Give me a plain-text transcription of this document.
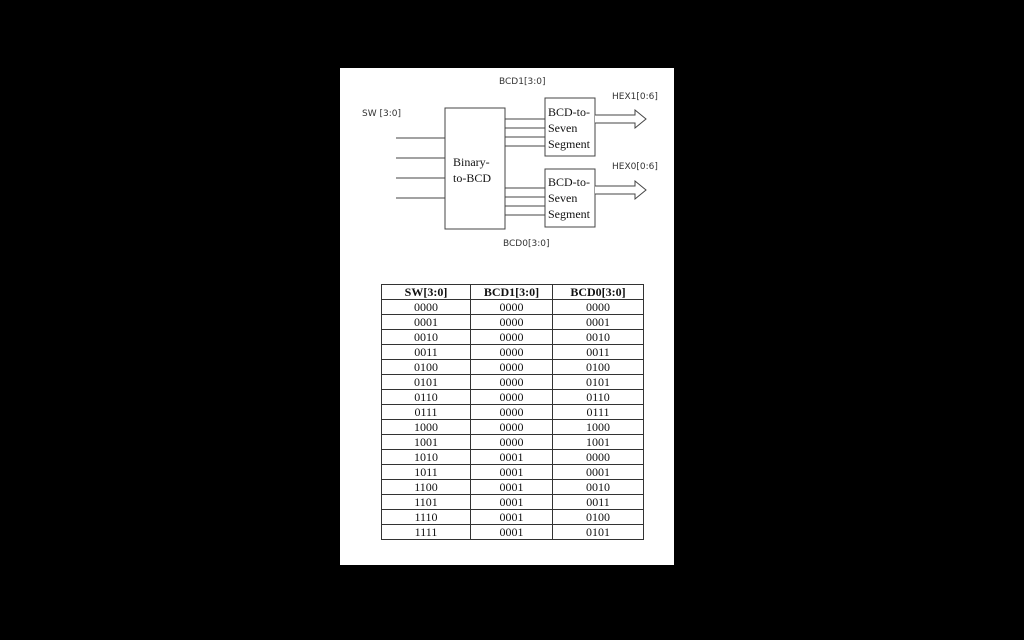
BCD1[3:0]
SW [3:0]
HEX1[0:6]
HEX0[0:6]
BCD0[3:0]
Binary-
to-BCD
BCD-to-
Seven
Segment
BCD-to-
Seven
Segment
SW[3:0]	BCD1[3:0]	BCD0[3:0]
0000	0000	0000
0001	0000	0001
0010	0000	0010
0011	0000	0011
0100	0000	0100
0101	0000	0101
0110	0000	0110
0111	0000	0111
1000	0000	1000
1001	0000	1001
1010	0001	0000
1011	0001	0001
1100	0001	0010
1101	0001	0011
1110	0001	0100
1111	0001	0101
